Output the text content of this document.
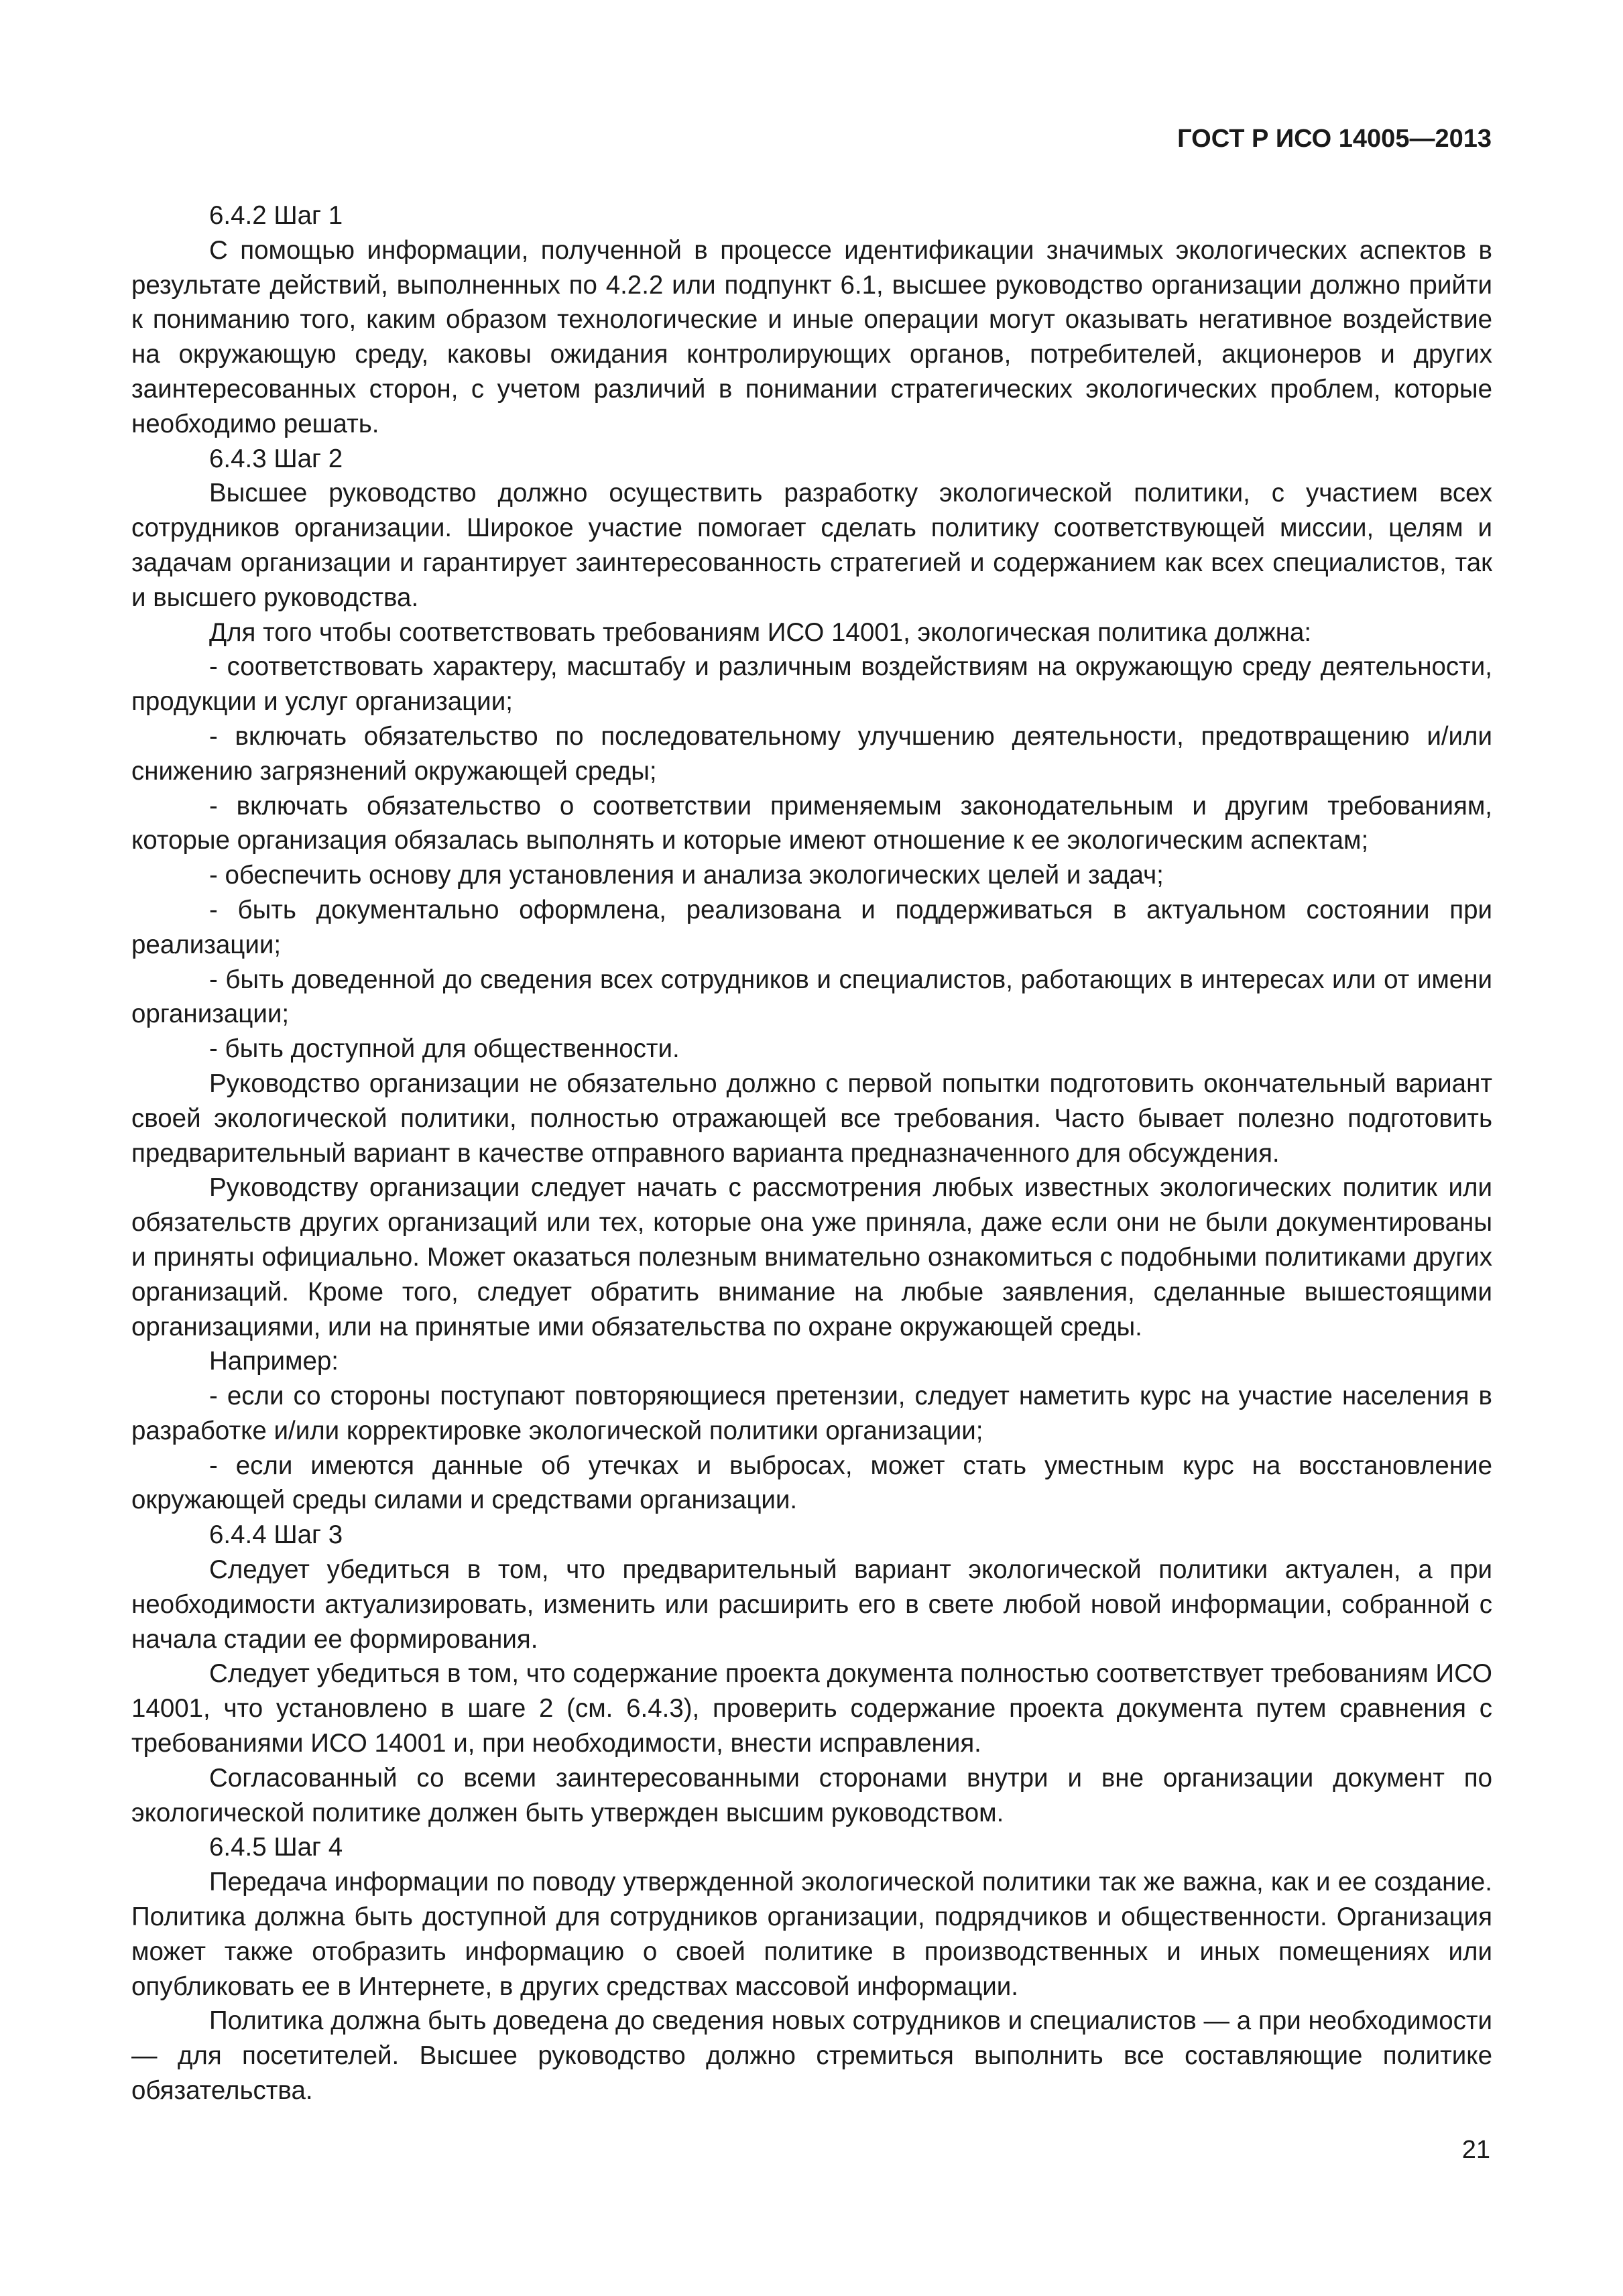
ГОСТ Р ИСО 14005—2013

6.4.2 Шаг 1

С помощью информации, полученной в процессе идентификации значимых экологических аспектов в результате действий, выполненных по 4.2.2 или подпункт 6.1, высшее руководство организации должно прийти к пониманию того, каким образом технологические и иные операции могут оказывать негативное воздействие на окружающую среду, каковы ожидания контролирующих органов, потребителей, акционеров и других заинтересованных сторон, с учетом различий в понимании стратегических экологических проблем, которые необходимо решать.

6.4.3 Шаг 2

Высшее руководство должно осуществить разработку экологической политики, с участием всех сотрудников организации. Широкое участие помогает сделать политику соответствующей миссии, целям и задачам организации и гарантирует заинтересованность стратегией и содержанием как всех специалистов, так и высшего руководства.

Для того чтобы соответствовать требованиям ИСО 14001, экологическая политика должна:

- соответствовать характеру, масштабу и различным воздействиям на окружающую среду деятельности, продукции и услуг организации;

- включать обязательство по последовательному улучшению деятельности, предотвращению и/или снижению загрязнений окружающей среды;

- включать обязательство о соответствии применяемым законодательным и другим требованиям, которые организация обязалась выполнять и которые имеют отношение к ее экологическим аспектам;

- обеспечить основу для установления и анализа экологических целей и задач;

- быть документально оформлена, реализована и поддерживаться в актуальном состоянии при реализации;

- быть доведенной до сведения всех сотрудников и специалистов, работающих в интересах или от имени организации;

- быть доступной для общественности.

Руководство организации не обязательно должно с первой попытки подготовить окончательный вариант своей экологической политики, полностью отражающей все требования. Часто бывает полезно подготовить предварительный вариант в качестве отправного варианта предназначенного для обсуждения.

Руководству организации следует начать с рассмотрения любых известных экологических политик или обязательств других организаций или тех, которые она уже приняла, даже если они не были документированы и приняты официально. Может оказаться полезным внимательно ознакомиться с подобными политиками других организаций. Кроме того, следует обратить внимание на любые заявления, сделанные вышестоящими организациями, или на принятые ими обязательства по охране окружающей среды.

Например:

- если со стороны поступают повторяющиеся претензии, следует наметить курс на участие населения в разработке и/или корректировке экологической политики организации;

- если имеются данные об утечках и выбросах, может стать уместным курс на восстановление окружающей среды силами и средствами организации.

6.4.4 Шаг 3

Следует убедиться в том, что предварительный вариант экологической политики актуален, а при необходимости актуализировать, изменить или расширить его в свете любой новой информации, собранной с начала стадии ее формирования.

Следует убедиться в том, что содержание проекта документа полностью соответствует требованиям ИСО 14001, что установлено в шаге 2 (см. 6.4.3), проверить содержание проекта документа путем сравнения с требованиями ИСО 14001 и, при необходимости, внести исправления.

Согласованный со всеми заинтересованными сторонами внутри и вне организации документ по экологической политике должен быть утвержден высшим руководством.

6.4.5 Шаг 4

Передача информации по поводу утвержденной экологической политики так же важна, как и ее создание. Политика должна быть доступной для сотрудников организации, подрядчиков и общественности. Организация может также отобразить информацию о своей политике в производственных и иных помещениях или опубликовать ее в Интернете, в других средствах массовой информации.

Политика должна быть доведена до сведения новых сотрудников и специалистов — а при необходимости — для посетителей. Высшее руководство должно стремиться выполнить все составляющие политике обязательства.

21
